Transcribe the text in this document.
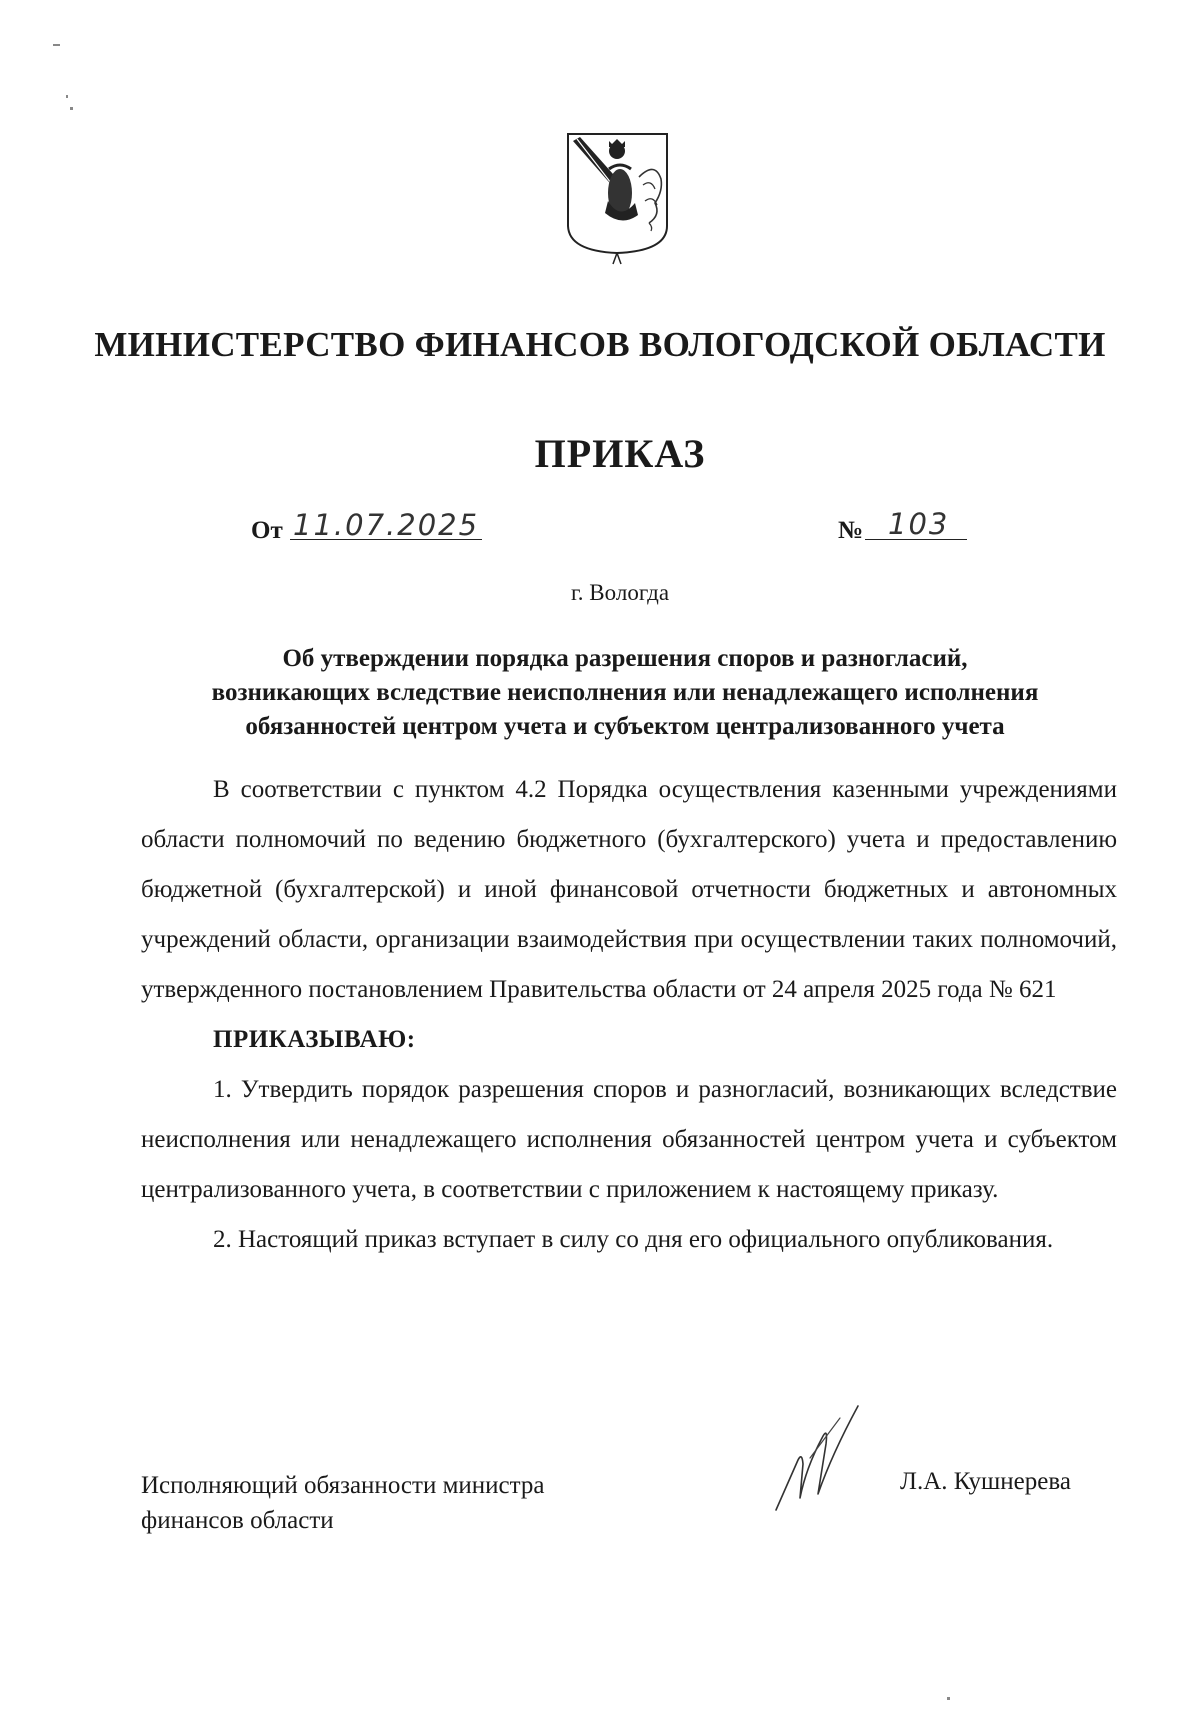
МИНИСТЕРСТВО ФИНАНСОВ ВОЛОГОДСКОЙ ОБЛАСТИ
ПРИКАЗ
От 11.07.2025	№ 103
г. Вологда
Об утверждении порядка разрешения споров и разногласий,
возникающих вследствие неисполнения или ненадлежащего исполнения
обязанностей центром учета и субъектом централизованного учета

В соответствии с пунктом 4.2 Порядка осуществления казенными учреждениями области полномочий по ведению бюджетного (бухгалтерского) учета и предоставлению бюджетной (бухгалтерской) и иной финансовой отчетности бюджетных и автономных учреждений области, организации взаимодействия при осуществлении таких полномочий, утвержденного постановлением Правительства области от 24 апреля 2025 года № 621

ПРИКАЗЫВАЮ:

1. Утвердить порядок разрешения споров и разногласий, возникающих вследствие неисполнения или ненадлежащего исполнения обязанностей центром учета и субъектом централизованного учета, в соответствии с приложением к настоящему приказу.

2. Настоящий приказ вступает в силу со дня его официального опубликования.

Исполняющий обязанности министра
финансов области
Л.А. Кушнерева
